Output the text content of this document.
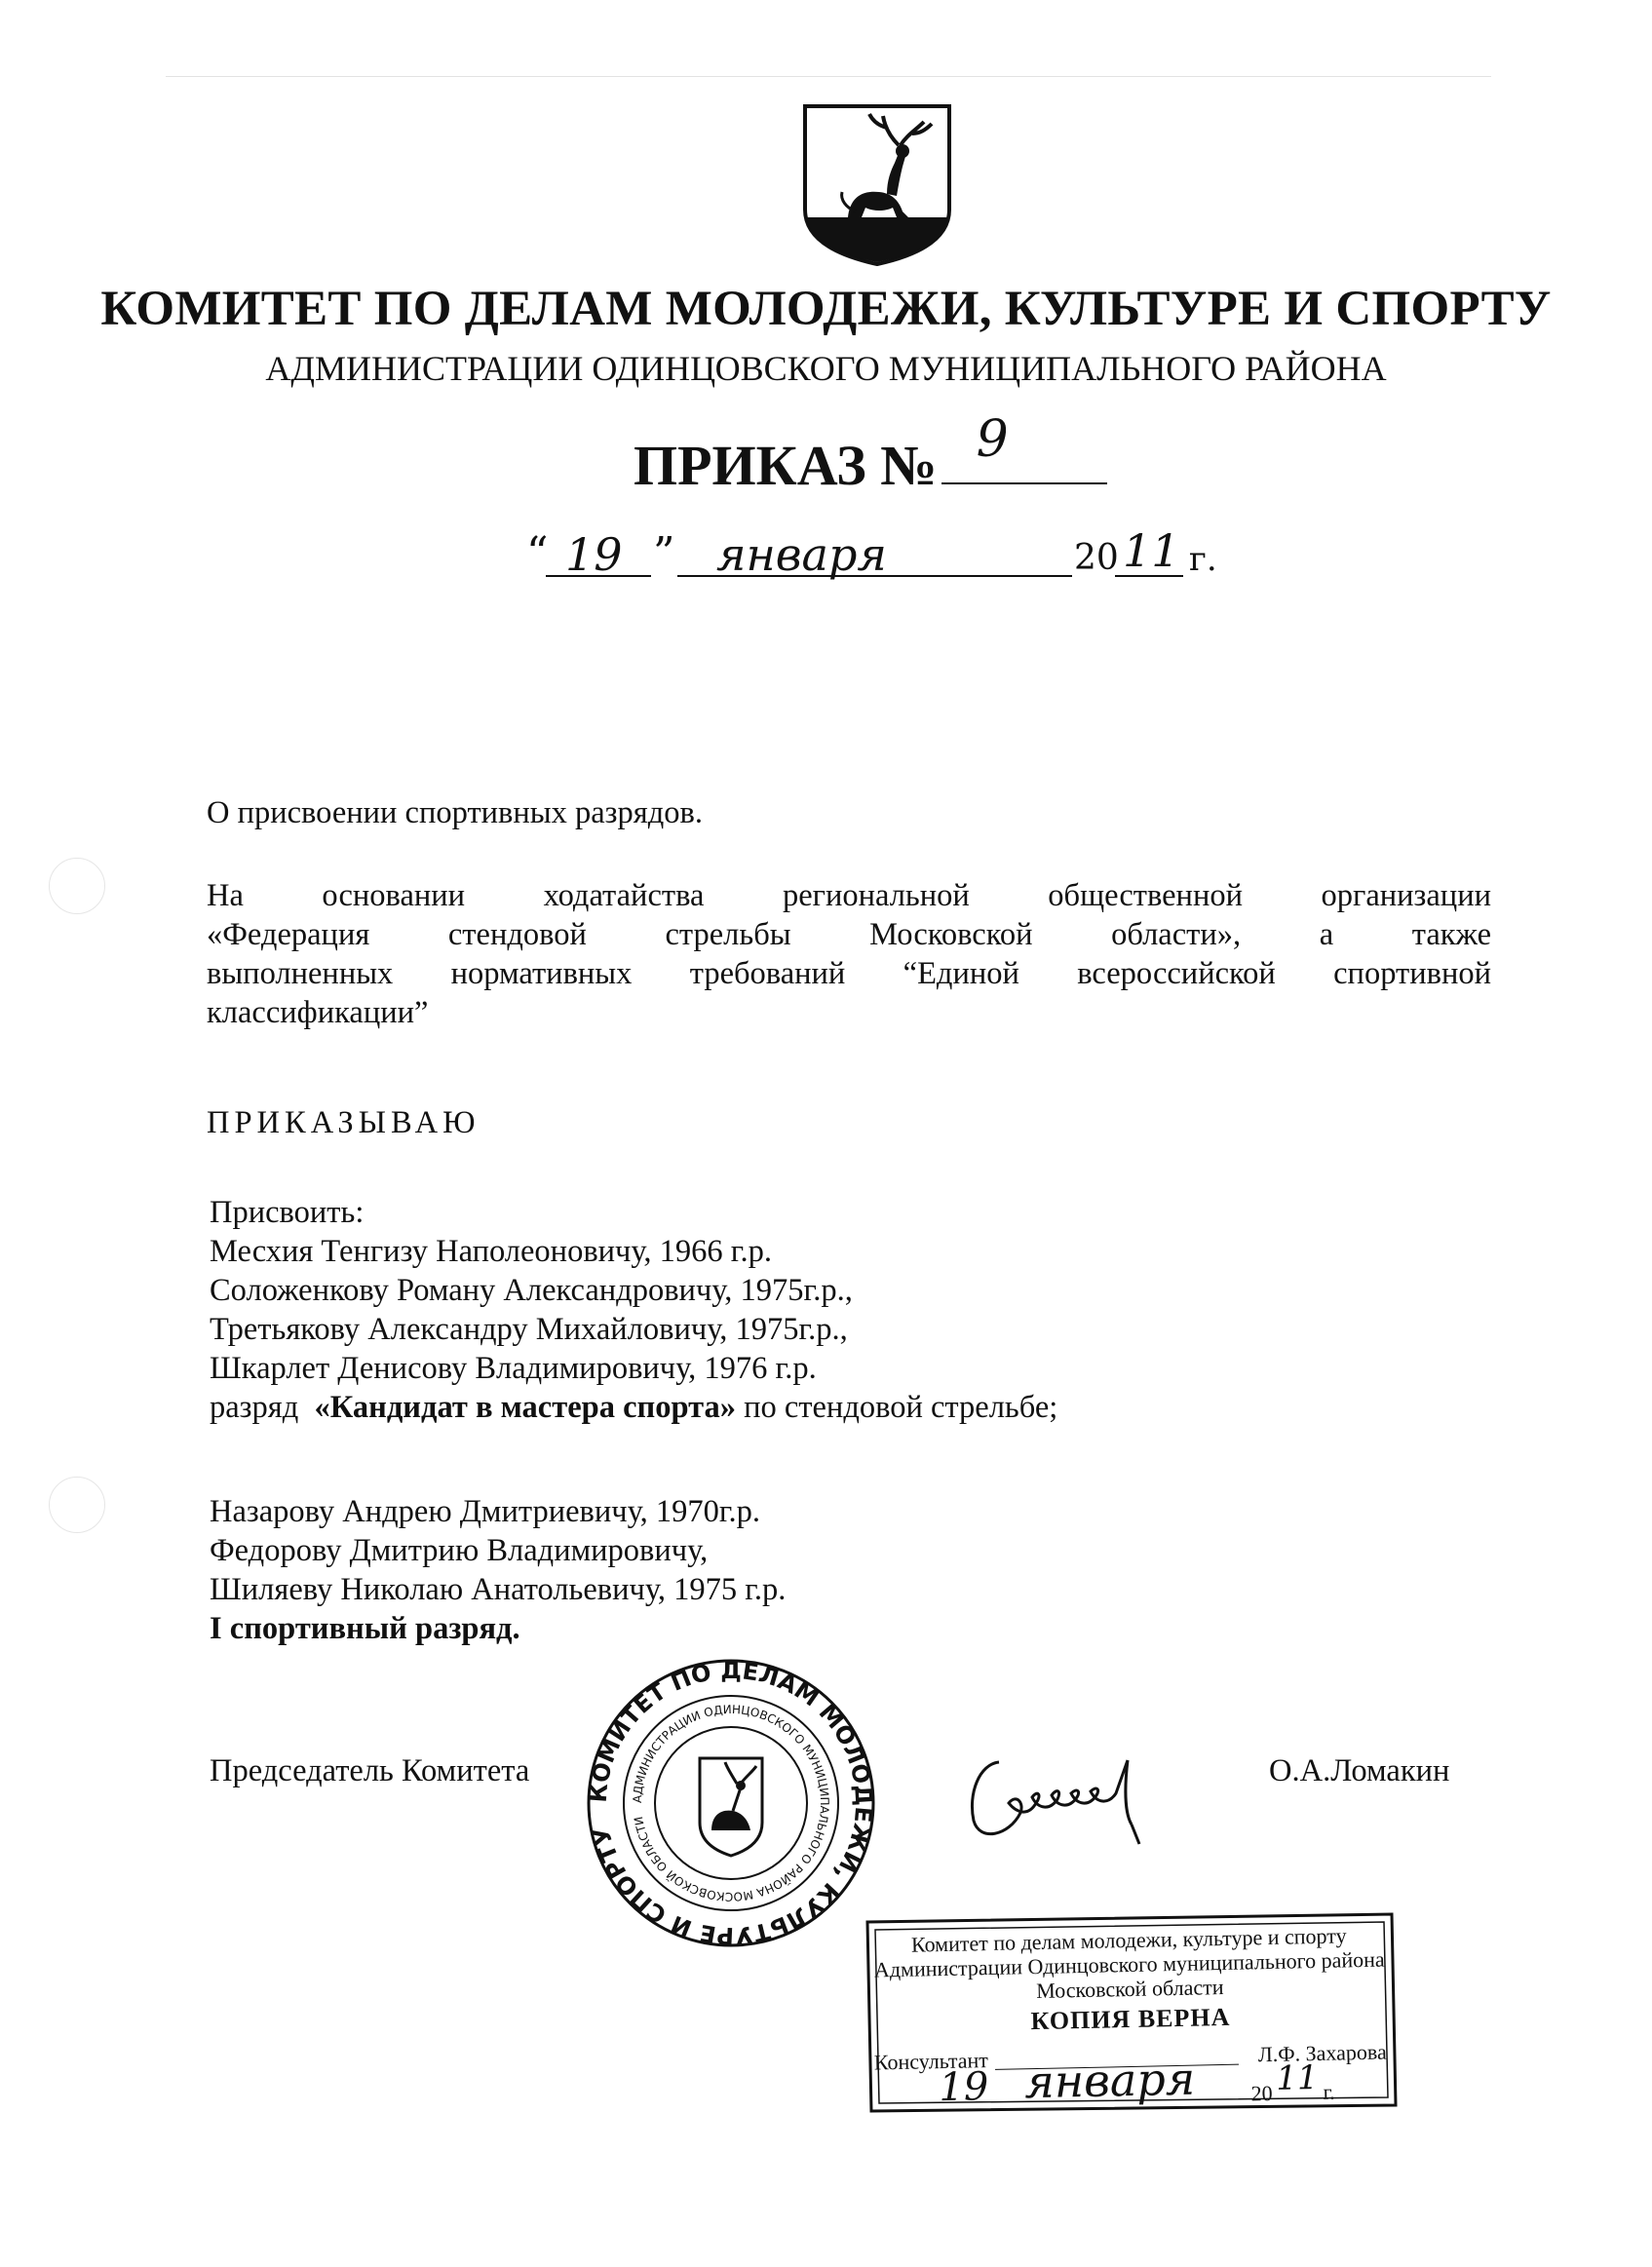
КОМИТЕТ ПО ДЕЛАМ МОЛОДЕЖИ, КУЛЬТУРЕ И СПОРТУ
АДМИНИСТРАЦИИ ОДИНЦОВСКОГО МУНИЦИПАЛЬНОГО РАЙОНА
ПРИКАЗ № 9
“ 19 ” января	20 11 г.
О присвоении спортивных разрядов.
На основании ходатайства региональной общественной организации
«Федерация стендовой стрельбы Московской области», а также
выполненных нормативных требований “Единой всероссийской спортивной
классификации”
ПРИКАЗЫВАЮ
Присвоить:
Месхия Тенгизу Наполеоновичу, 1966 г.р.
Соложенкову Роману Александровичу, 1975г.р.,
Третьякову Александру Михайловичу, 1975г.р.,
Шкарлет Денисову Владимировичу, 1976 г.р.
разряд  «Кандидат в мастера спорта» по стендовой стрельбе;
Назарову Андрею Дмитриевичу, 1970г.р.
Федорову Дмитрию Владимировичу,
Шиляеву Николаю Анатольевичу, 1975 г.р.
I спортивный разряд.
Председатель Комитета	О.А.Ломакин
КОМИТЕТ ПО ДЕЛАМ МОЛОДЕЖИ, КУЛЬТУРЕ И СПОРТУ
АДМИНИСТРАЦИИ ОДИНЦОВСКОГО МУНИЦИПАЛЬНОГО РАЙОНА МОСКОВСКОЙ ОБЛАСТИ
Комитет по делам молодежи, культуре и спорту
Администрации Одинцовского муниципального района
Московской области
КОПИЯ ВЕРНА
Консультант	Л.Ф. Захарова
19 января	20 11 г.
